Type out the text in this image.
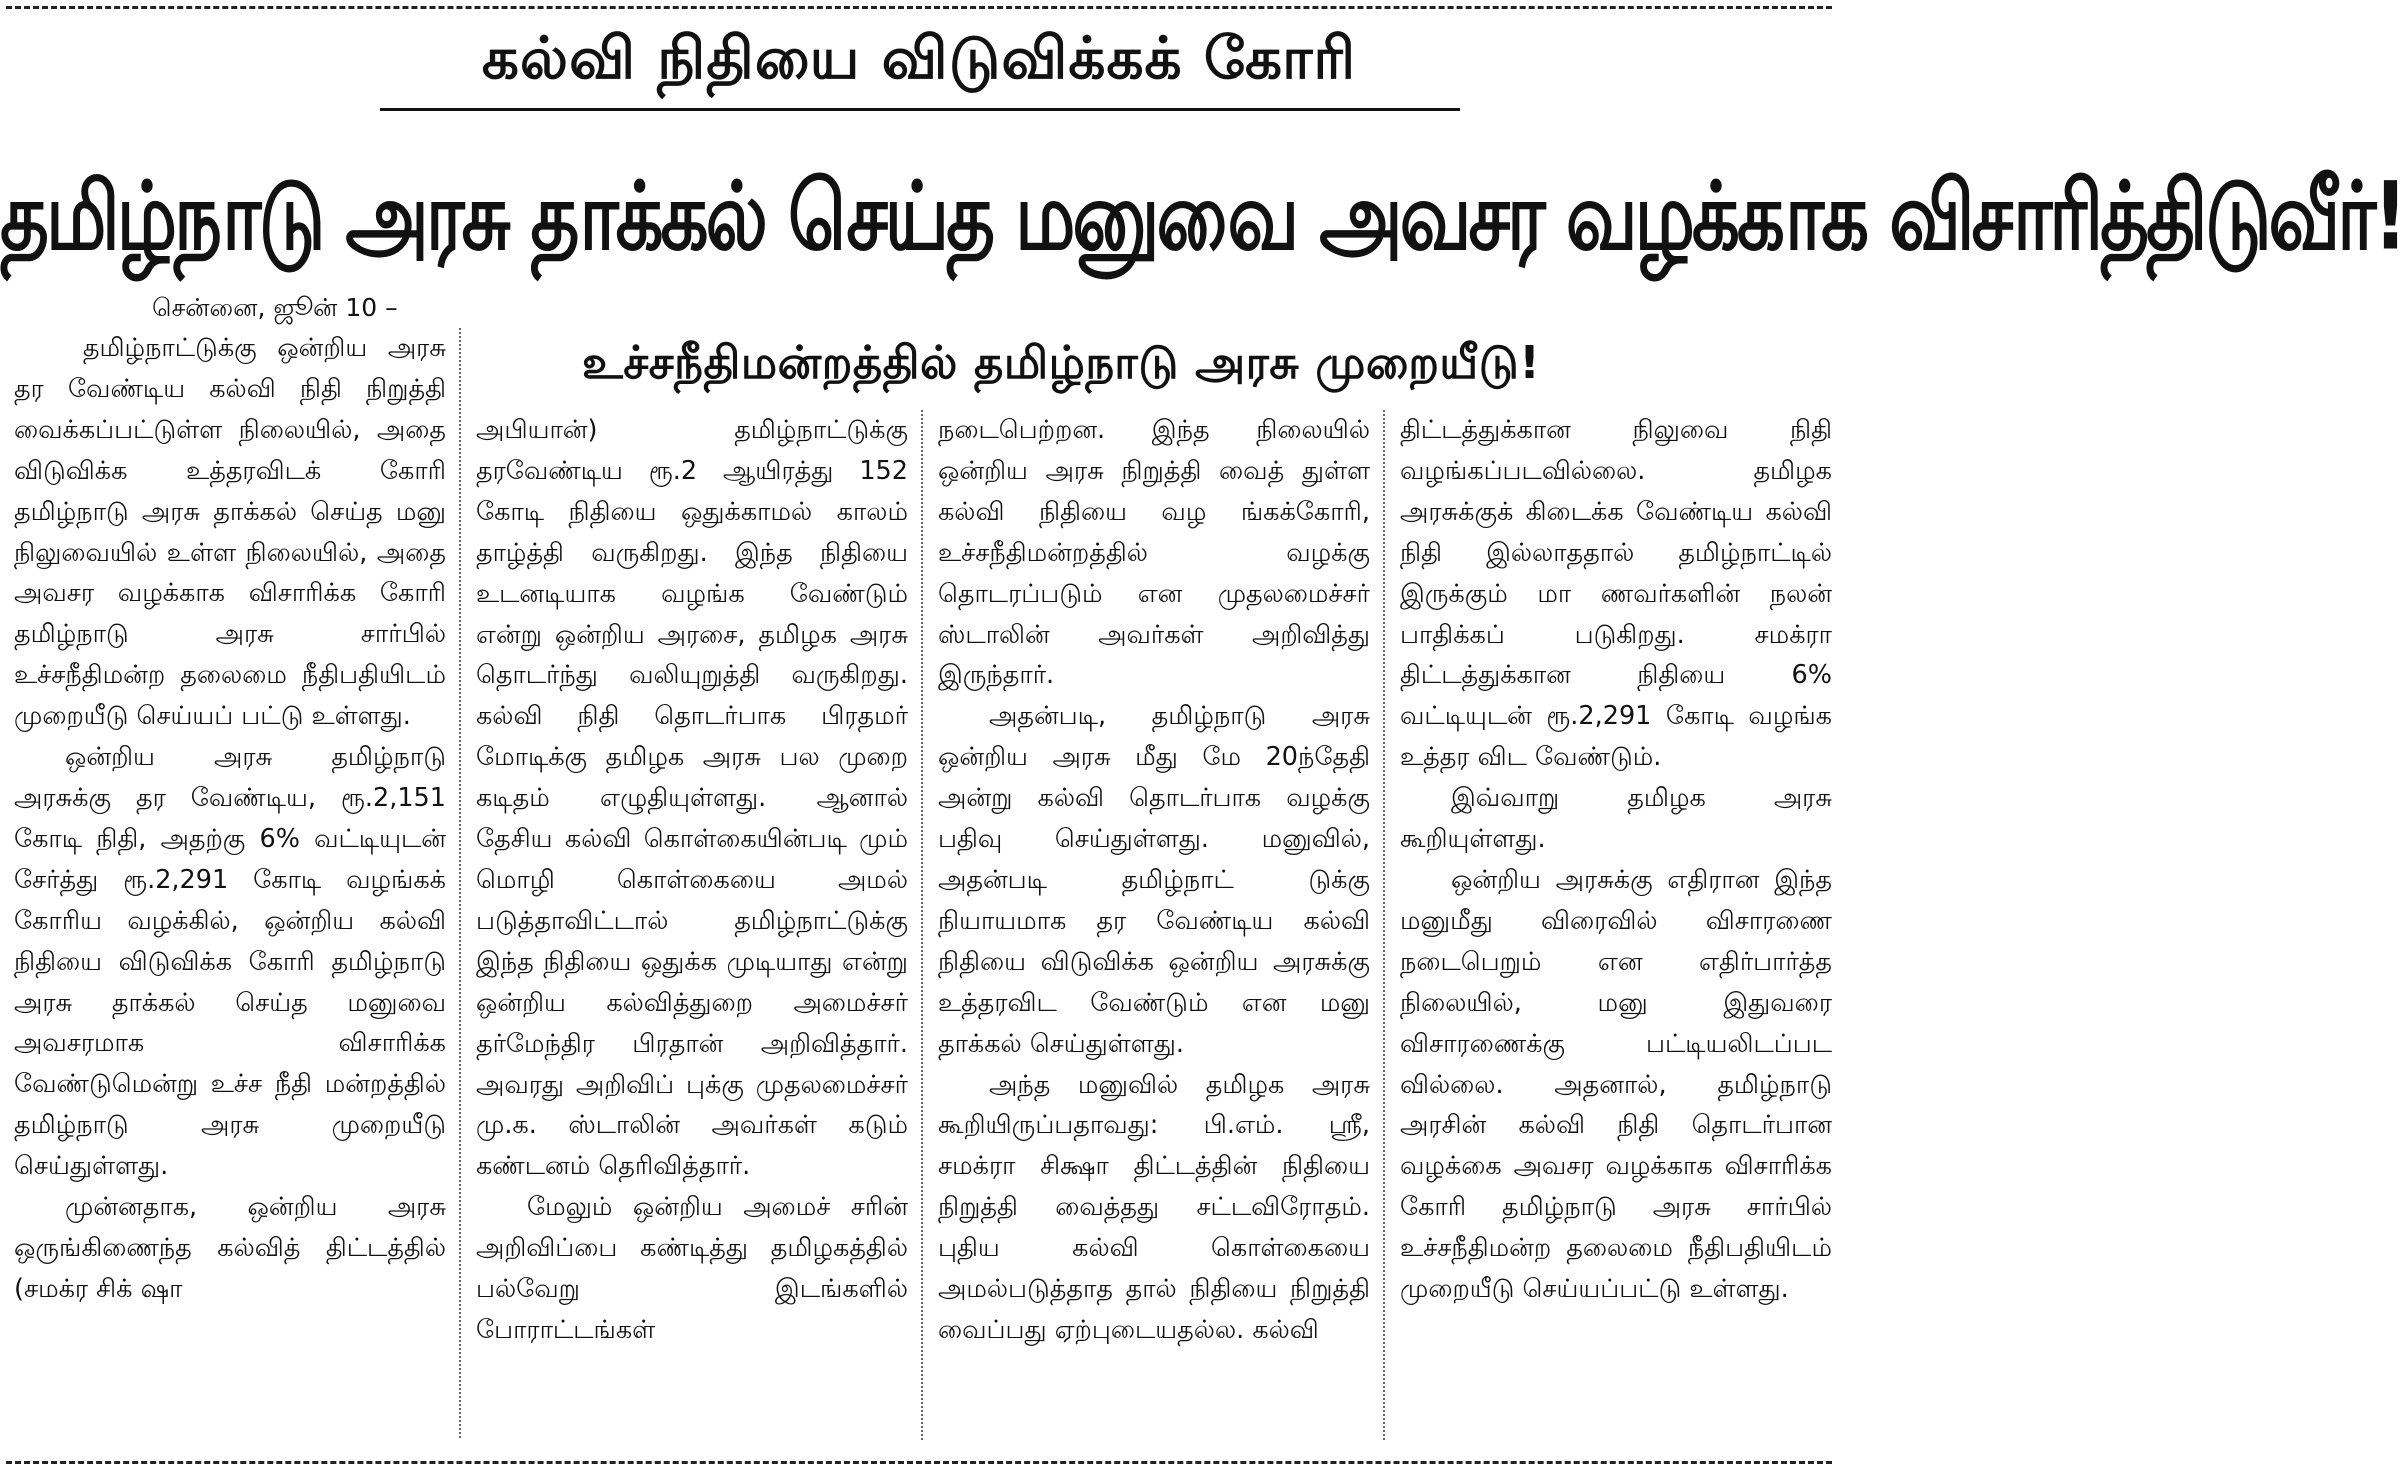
கல்வி நிதியை விடுவிக்கக் கோரி
தமிழ்நாடு அரசு தாக்கல் செய்த மனுவை அவசர வழக்காக விசாரித்திடுவீர்!
சென்னை, ஜூன் 10 –
உச்சநீதிமன்றத்தில் தமிழ்நாடு அரசு முறையீடு!

தமிழ்நாட்டுக்கு ஒன்றிய அரசு தர வேண்டிய கல்வி நிதி நிறுத்தி வைக்கப்பட்டுள்ள நிலையில், அதை விடுவிக்க உத்தரவிடக் கோரி தமிழ்நாடு அரசு தாக்கல் செய்த மனு நிலுவையில் உள்ள நிலையில், அதை அவசர வழக்காக விசாரிக்க கோரி தமிழ்நாடு அரசு சார்பில் உச்சநீதிமன்ற தலைமை நீதிபதியிடம் முறையீடு செய்யப் பட்டு உள்ளது.

ஒன்றிய அரசு தமிழ்நாடு அரசுக்கு தர வேண்டிய, ரூ.2,151 கோடி நிதி, அதற்கு 6% வட்டியுடன் சேர்த்து ரூ.2,291 கோடி வழங்கக் கோரிய வழக்கில், ஒன்றிய கல்வி நிதியை விடுவிக்க கோரி தமிழ்நாடு அரசு தாக்கல் செய்த மனுவை அவசரமாக விசாரிக்க வேண்டுமென்று உச்ச நீதி மன்றத்தில் தமிழ்நாடு அரசு முறையீடு செய்துள்ளது.

முன்னதாக, ஒன்றிய அரசு ஒருங்கிணைந்த கல்வித் திட்டத்தில் (சமக்ர சிக் ஷா

அபியான்) தமிழ்நாட்டுக்கு தரவேண்டிய ரூ.2 ஆயிரத்து 152 கோடி நிதியை ஒதுக்காமல் காலம் தாழ்த்தி வருகிறது. இந்த நிதியை உடனடியாக வழங்க வேண்டும் என்று ஒன்றிய அரசை, தமிழக அரசு தொடர்ந்து வலியுறுத்தி வருகிறது. கல்வி நிதி தொடர்பாக பிரதமர் மோடிக்கு தமிழக அரசு பல முறை கடிதம் எழுதியுள்ளது. ஆனால் தேசிய கல்வி கொள்கையின்படி மும் மொழி கொள்கையை அமல் படுத்தாவிட்டால் தமிழ்நாட்டுக்கு இந்த நிதியை ஒதுக்க முடியாது என்று ஒன்றிய கல்வித்துறை அமைச்சர் தர்மேந்திர பிரதான் அறிவித்தார். அவரது அறிவிப் புக்கு முதலமைச்சர் மு.க. ஸ்டாலின் அவர்கள் கடும் கண்டனம் தெரிவித்தார்.

மேலும் ஒன்றிய அமைச் சரின் அறிவிப்பை கண்டித்து தமிழகத்தில் பல்வேறு இடங்களில் போராட்டங்கள்

நடைபெற்றன. இந்த நிலையில் ஒன்றிய அரசு நிறுத்தி வைத் துள்ள கல்வி நிதியை வழ ங்கக்கோரி, உச்சநீதிமன்றத்தில் வழக்கு தொடரப்படும் என முதலமைச்சர் ஸ்டாலின் அவர்கள் அறிவித்து இருந்தார்.

அதன்படி, தமிழ்நாடு அரசு ஒன்றிய அரசு மீது மே 20ந்தேதி அன்று கல்வி தொடர்பாக வழக்கு பதிவு செய்துள்ளது. மனுவில், அதன்படி தமிழ்நாட் டுக்கு நியாயமாக தர வேண்டிய கல்வி நிதியை விடுவிக்க ஒன்றிய அரசுக்கு உத்தரவிட வேண்டும் என மனு தாக்கல் செய்துள்ளது.

அந்த மனுவில் தமிழக அரசு கூறியிருப்பதாவது: பி.எம். ஸ்ரீ, சமக்ரா சிக்ஷா திட்டத்தின் நிதியை நிறுத்தி வைத்தது சட்டவிரோதம். புதிய கல்வி கொள்கையை அமல்படுத்தாத தால் நிதியை நிறுத்தி வைப்பது ஏற்புடையதல்ல. கல்வி

திட்டத்துக்கான நிலுவை நிதி வழங்கப்படவில்லை. தமிழக அரசுக்குக் கிடைக்க வேண்டிய கல்வி நிதி இல்லாததால் தமிழ்நாட்டில் இருக்கும் மா ணவர்களின் நலன் பாதிக்கப் படுகிறது. சமக்ரா திட்டத்துக்கான நிதியை 6% வட்டியுடன் ரூ.2,291 கோடி வழங்க உத்தர விட வேண்டும்.

இவ்வாறு தமிழக அரசு கூறியுள்ளது.

ஒன்றிய அரசுக்கு எதிரான இந்த மனுமீது விரைவில் விசாரணை நடைபெறும் என எதிர்பார்த்த நிலையில், மனு இதுவரை விசாரணைக்கு பட்டியலிடப்பட வில்லை. அதனால், தமிழ்நாடு அரசின் கல்வி நிதி தொடர்பான வழக்கை அவசர வழக்காக விசாரிக்க கோரி தமிழ்நாடு அரசு சார்பில் உச்சநீதிமன்ற தலைமை நீதிபதியிடம் முறையீடு செய்யப்பட்டு உள்ளது.
